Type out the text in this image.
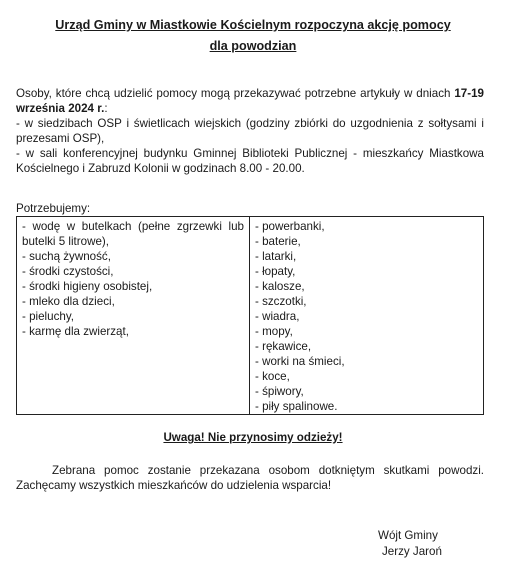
Urząd Gminy w Miastkowie Kościelnym rozpoczyna akcję pomocy
dla powodzian

Osoby, które chcą udzielić pomocy mogą przekazywać potrzebne artykuły w dniach 17-19 września 2024 r.:

- w siedzibach OSP i świetlicach wiejskich (godziny zbiórki do uzgodnienia z sołtysami i prezesami OSP),

- w sali konferencyjnej budynku Gminnej Biblioteki Publicznej - mieszkańcy Miastkowa Kościelnego i Zabruzd Kolonii w godzinach 8.00 - 20.00.

Potrzebujemy:
- wodę w butelkach (pełne zgrzewki lub butelki 5 litrowe),
- suchą żywność,
- środki czystości,
- środki higieny osobistej,
- mleko dla dzieci,
- pieluchy,
- karmę dla zwierząt,

- powerbanki,
- baterie,
- latarki,
- łopaty,
- kalosze,
- szczotki,
- wiadra,
- mopy,
- rękawice,
- worki na śmieci,
- koce,
- śpiwory,
- piły spalinowe.
Uwaga! Nie przynosimy odzieży!
Zebrana pomoc zostanie przekazana osobom dotkniętym skutkami powodzi. Zachęcamy wszystkich mieszkańców do udzielenia wsparcia!
Wójt Gminy
Jerzy Jaroń
